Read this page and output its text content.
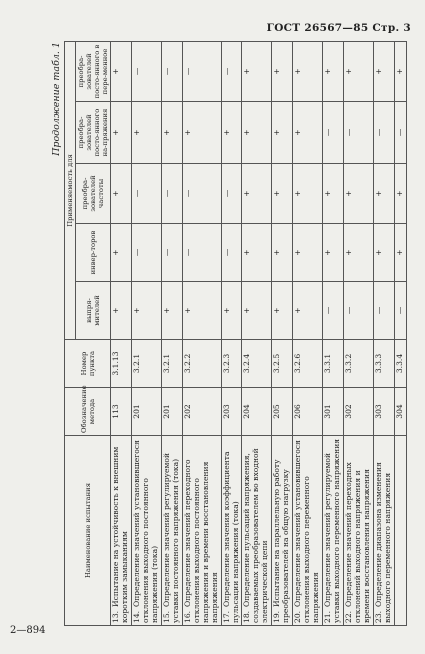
ГОСТ 26567—85 Стр. 3
Продолжение табл. 1
Наименование испытания	Обозначение метода	Номер пункта	Применяемость для				
			выпря-мителей	инвер-торов	преобра-зователей частоты	преобра-зователей посто-янного на-пряжения	преобра-зователей посто-янного в пере-менное
13.Испытание на устойчивость к внешним коротким замыканиям	113	3.1.13	+	+	+	+	+
14.Определение значений установившегося отклонения выходного постоянного напряжения (тока)	201	3.2.1	+	—	—	+	—
15.Определение значений регулируемой уставки постоянного напряжения (тока)	201	3.2.1	+	—	—	+	—
16.Определение значений переходного отклонения выходного постоянного напряжения и времени восстановления напряжения	202	3.2.2	+	—	—	+	—
17.Определение значения коэффициента пульсации напряжения (тока)	203	3.2.3	+	—	—	+	—
18.Определение пульсаций напряжения, создаваемых преобразователем во входной электрической цепи	204	3.2.4	+	+	+	+	+
19.Испытание на параллельную работу преобразователей на общую нагрузку	205	3.2.5	+	+	+	+	+
20.Определение значений установившегося отклонения выходного переменного напряжения	206	3.2.6	+	+	+	+	+
21.Определение значений регулируемой уставки выходного переменного напряжения	301	3.3.1	—	+	+	—	+
22.Определение значений переходных отклонений выходного напряжения и времени восстановления напряжения	302	3.3.2	—	+	+	—	+
23.Определение диапазона изменения выходного переменного напряжения	303	3.3.3	—	+	+	—	+
	304	3.3.4	—	+	+	—	+
2—894
